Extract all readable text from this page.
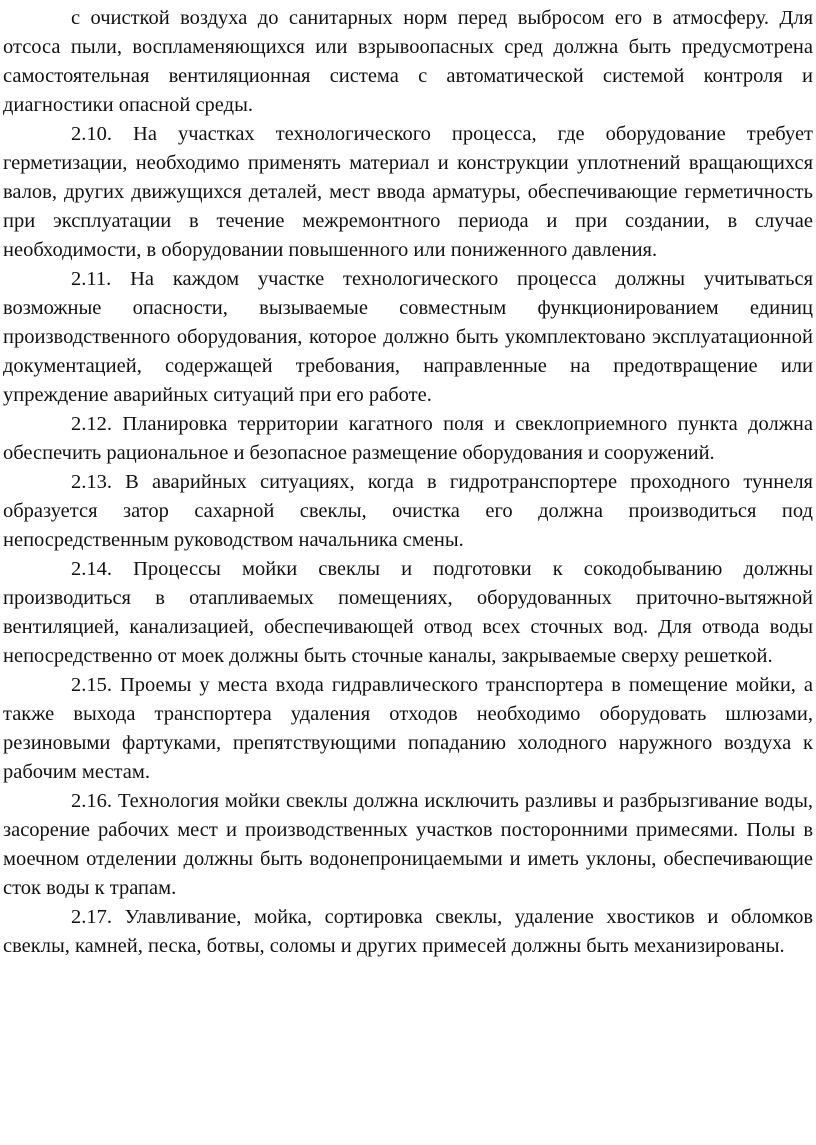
с очисткой воздуха до санитарных норм перед выбросом его в атмосферу. Для отсоса пыли, воспламеняющихся или взрывоопасных сред должна быть предусмотрена самостоятельная вентиляционная система с автоматической системой контроля и диагностики опасной среды.

2.10. На участках технологического процесса, где оборудование требует герметизации, необходимо применять материал и конструкции уплотнений вращающихся валов, других движущихся деталей, мест ввода арматуры, обеспечивающие герметичность при эксплуатации в течение межремонтного периода и при создании, в случае необходимости, в оборудовании повышенного или пониженного давления.

2.11. На каждом участке технологического процесса должны учитываться возможные опасности, вызываемые совместным функционированием единиц производственного оборудования, которое должно быть укомплектовано эксплуатационной документацией, содержащей требования, направленные на предотвращение или упреждение аварийных ситуаций при его работе.

2.12. Планировка территории кагатного поля и свеклоприемного пункта должна обеспечить рациональное и безопасное размещение оборудования и сооружений.

2.13. В аварийных ситуациях, когда в гидротранспортере проходного туннеля образуется затор сахарной свеклы, очистка его должна производиться под непосредственным руководством начальника смены.

2.14. Процессы мойки свеклы и подготовки к сокодобыванию должны производиться в отапливаемых помещениях, оборудованных приточно-вытяжной вентиляцией, канализацией, обеспечивающей отвод всех сточных вод. Для отвода воды непосредственно от моек должны быть сточные каналы, закрываемые сверху решеткой.

2.15. Проемы у места входа гидравлического транспортера в помещение мойки, а также выхода транспортера удаления отходов необходимо оборудовать шлюзами, резиновыми фартуками, препятствующими попаданию холодного наружного воздуха к рабочим местам.

2.16. Технология мойки свеклы должна исключить разливы и разбрызгивание воды, засорение рабочих мест и производственных участков посторонними примесями. Полы в моечном отделении должны быть водонепроницаемыми и иметь уклоны, обеспечивающие сток воды к трапам.

2.17. Улавливание, мойка, сортировка свеклы, удаление хвостиков и обломков свеклы, камней, песка, ботвы, соломы и других примесей должны быть механизированы.
